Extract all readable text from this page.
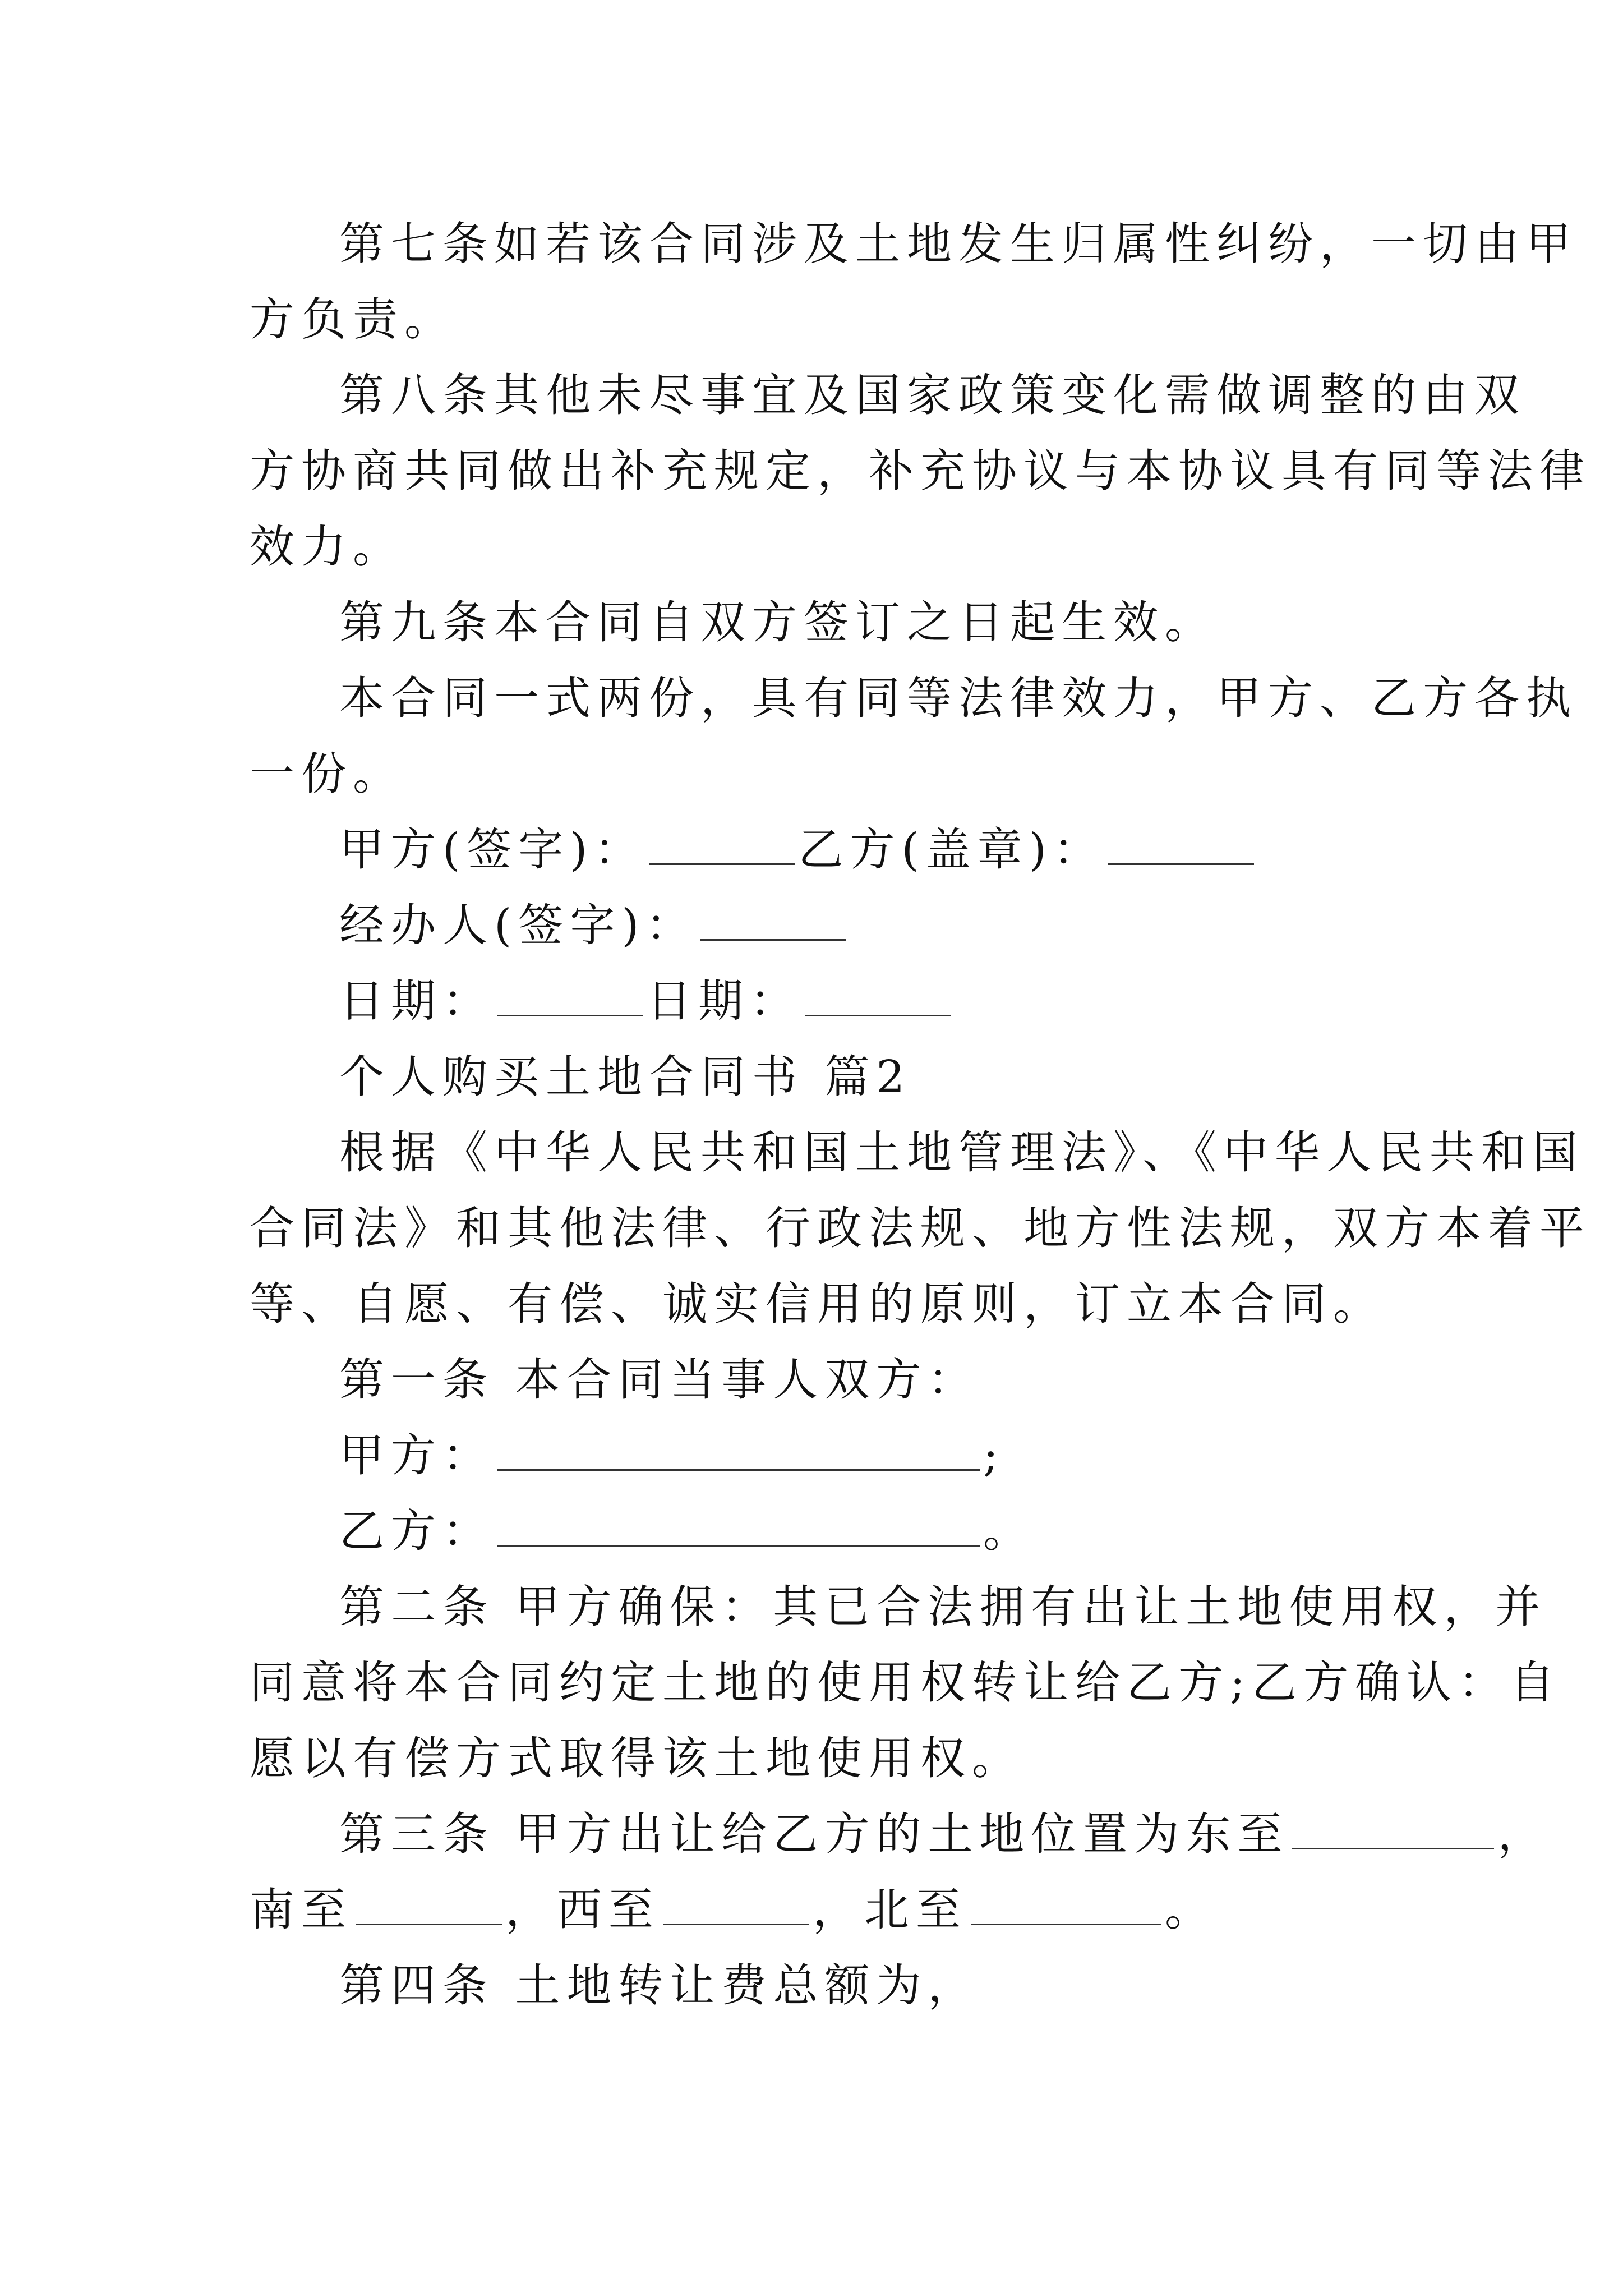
第七条如若该合同涉及土地发生归属性纠纷，一切由甲
方负责。
第八条其他未尽事宜及国家政策变化需做调整的由双
方协商共同做出补充规定，补充协议与本协议具有同等法律
效力。
第九条本合同自双方签订之日起生效。
本合同一式两份，具有同等法律效力，甲方、乙方各执
一份。
甲方(签字)：	乙方(盖章)：
经办人(签字)：
日期：	日期：
个人购买土地合同书 篇2
根据《中华人民共和国土地管理法》、《中华人民共和国
合同法》和其他法律、行政法规、地方性法规，双方本着平
等、自愿、有偿、诚实信用的原则，订立本合同。
第一条 本合同当事人双方：
甲方：	;
乙方：	。
第二条 甲方确保：其已合法拥有出让土地使用权，并
同意将本合同约定土地的使用权转让给乙方;乙方确认：自
愿以有偿方式取得该土地使用权。
第三条 甲方出让给乙方的土地位置为东至	，
南至	，西至	，北至	。
第四条 土地转让费总额为，
